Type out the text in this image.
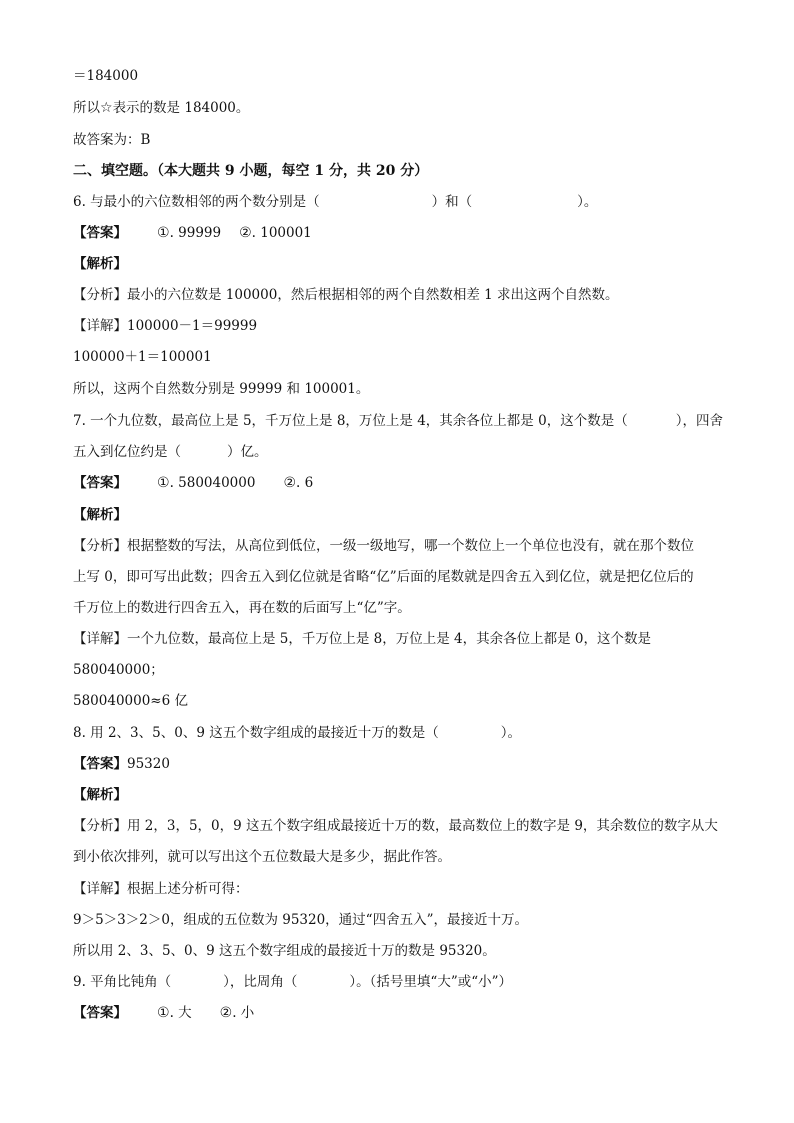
＝184000
所以☆表示的数是 184000。
故答案为：B
二、填空题。（本大题共 9 小题，每空 1 分，共 20 分）
6. 与最小的六位数相邻的两个数分别是（	）和（	）。
【答案】 ①. 99999 ②. 100001
【解析】
【分析】最小的六位数是 100000，然后根据相邻的两个自然数相差 1 求出这两个自然数。
【详解】100000－1＝99999
100000＋1＝100001
所以，这两个自然数分别是 99999 和 100001。
7. 一个九位数，最高位上是 5，千万位上是 8，万位上是 4，其余各位上都是 0，这个数是（	），四舍
五入到亿位约是（	）亿。
【答案】 ①. 580040000 ②. 6
【解析】
【分析】根据整数的写法，从高位到低位，一级一级地写，哪一个数位上一个单位也没有，就在那个数位
上写 0，即可写出此数；四舍五入到亿位就是省略“亿”后面的尾数就是四舍五入到亿位，就是把亿位后的
千万位上的数进行四舍五入，再在数的后面写上“亿”字。
【详解】一个九位数，最高位上是 5，千万位上是 8，万位上是 4，其余各位上都是 0，这个数是
580040000；
580040000≈6 亿
8. 用 2、3、5、0、9 这五个数字组成的最接近十万的数是（	）。
【答案】95320
【解析】
【分析】用 2，3，5，0，9 这五个数字组成最接近十万的数，最高数位上的数字是 9，其余数位的数字从大
到小依次排列，就可以写出这个五位数最大是多少，据此作答。
【详解】根据上述分析可得：
9＞5＞3＞2＞0，组成的五位数为 95320，通过“四舍五入”，最接近十万。
所以用 2、3、5、0、9 这五个数字组成的最接近十万的数是 95320。
9. 平角比钝角（	），比周角（	）。（括号里填“大”或“小”）
【答案】 ①. 大 ②. 小
